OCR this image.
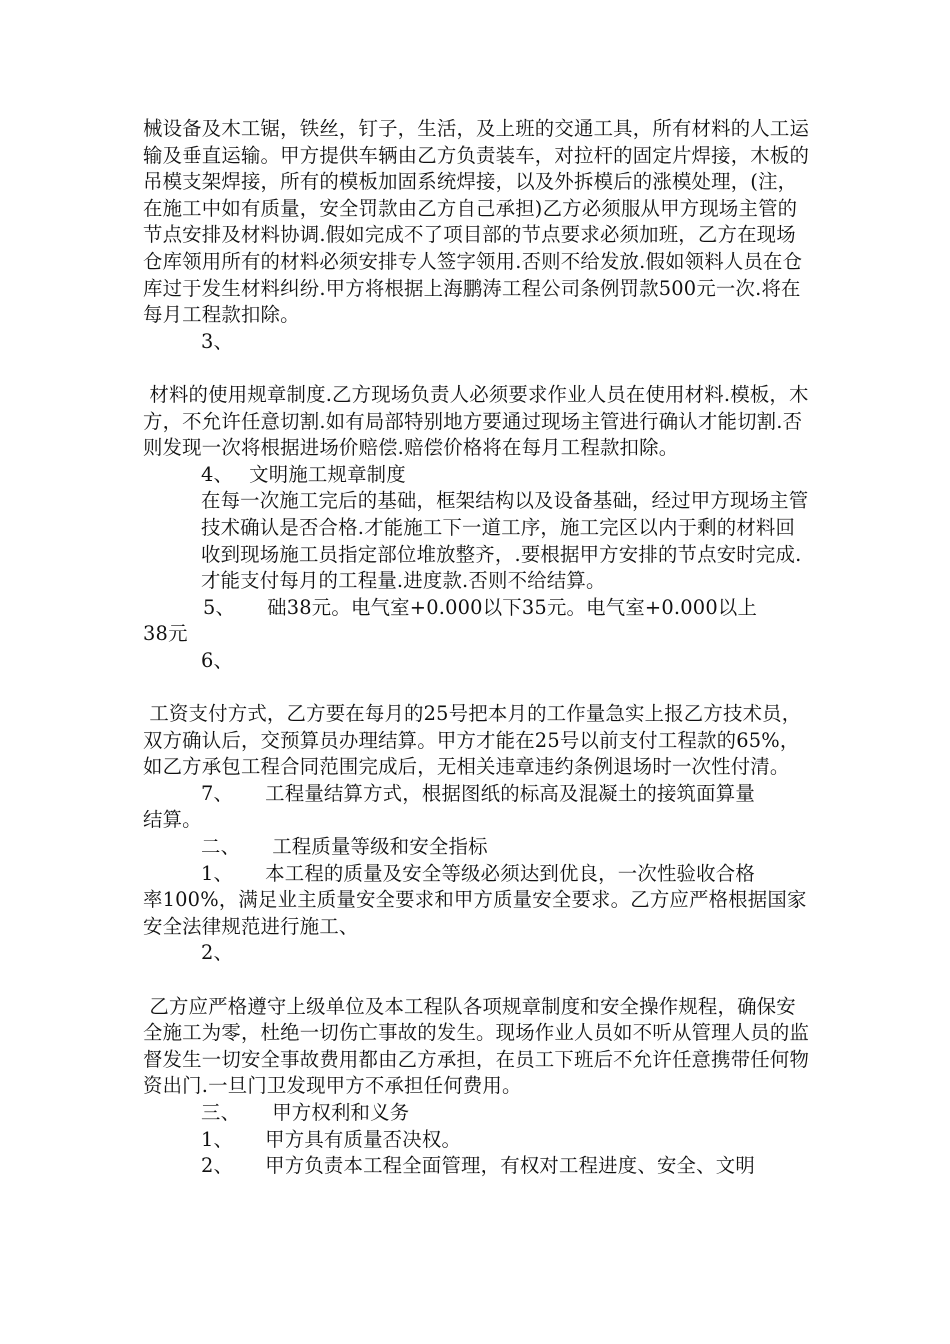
械设备及木工锯，铁丝，钉子，生活，及上班的交通工具，所有材料的人工运输及垂直运输。甲方提供车辆由乙方负责装车，对拉杆的固定片焊接，木板的吊模支架焊接，所有的模板加固系统焊接，以及外拆模后的涨模处理，(注，在施工中如有质量，安全罚款由乙方自己承担)乙方必须服从甲方现场主管的节点安排及材料协调.假如完成不了项目部的节点要求必须加班，乙方在现场仓库领用所有的材料必须安排专人签字领用.否则不给发放.假如领料人员在仓库过于发生材料纠纷.甲方将根据上海鹏涛工程公司条例罚款500元一次.将在每月工程款扣除。

3、

材料的使用规章制度.乙方现场负责人必须要求作业人员在使用材料.模板，木方，不允许任意切割.如有局部特别地方要通过现场主管进行确认才能切割.否则发现一次将根据进场价赔偿.赔偿价格将在每月工程款扣除。

4、 文明施工规章制度

在每一次施工完后的基础，框架结构以及设备基础，经过甲方现场主管技术确认是否合格.才能施工下一道工序，施工完区以内于剩的材料回收到现场施工员指定部位堆放整齐，.要根据甲方安排的节点安时完成.才能支付每月的工程量.进度款.否则不给结算。

5、 础38元。电气室+0.000以下35元。电气室+0.000以上

38元

6、

工资支付方式，乙方要在每月的25号把本月的工作量急实上报乙方技术员，双方确认后，交预算员办理结算。甲方才能在25号以前支付工程款的65%，如乙方承包工程合同范围完成后，无相关违章违约条例退场时一次性付清。

7、 工程量结算方式，根据图纸的标高及混凝土的接筑面算量

结算。

二、 工程质量等级和安全指标

1、 本工程的质量及安全等级必须达到优良，一次性验收合格

率100%，满足业主质量安全要求和甲方质量安全要求。乙方应严格根据国家安全法律规范进行施工、

2、

乙方应严格遵守上级单位及本工程队各项规章制度和安全操作规程，确保安全施工为零，杜绝一切伤亡事故的发生。现场作业人员如不听从管理人员的监督发生一切安全事故费用都由乙方承担，在员工下班后不允许任意携带任何物资出门.一旦门卫发现甲方不承担任何费用。

三、 甲方权利和义务

1、 甲方具有质量否决权。

2、 甲方负责本工程全面管理，有权对工程进度、安全、文明
